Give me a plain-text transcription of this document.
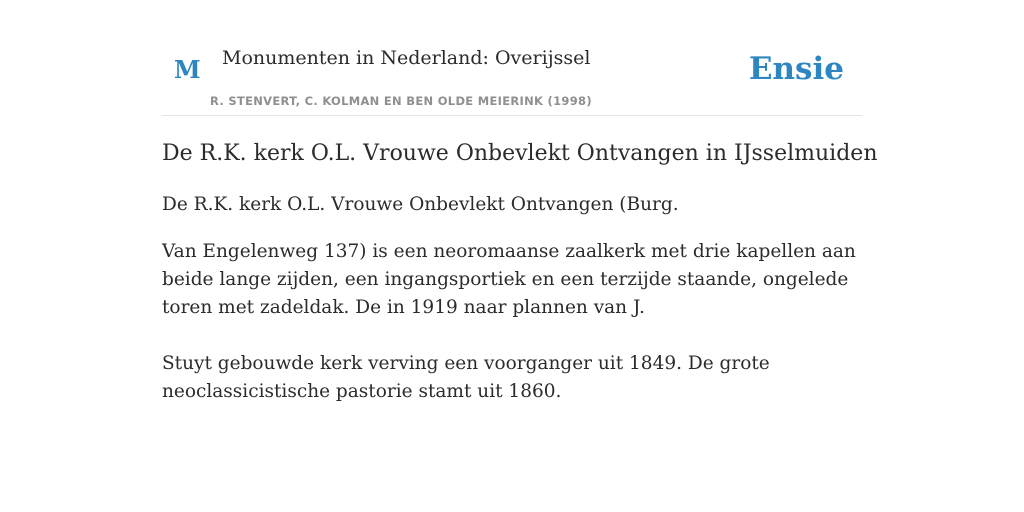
M Monumenten in Nederland: Overijssel
R. STENVERT, C. KOLMAN EN BEN OLDE MEIERINK (1998)
Ensie
De R.K. kerk O.L. Vrouwe Onbevlekt Ontvangen in IJsselmuiden

De R.K. kerk O.L. Vrouwe Onbevlekt Ontvangen (Burg.

Van Engelenweg 137) is een neoromaanse zaalkerk met drie kapellen aan beide lange zijden, een ingangsportiek en een terzijde staande, ongelede toren met zadeldak. De in 1919 naar plannen van J.

Stuyt gebouwde kerk verving een voorganger uit 1849. De grote neoclassicistische pastorie stamt uit 1860.
